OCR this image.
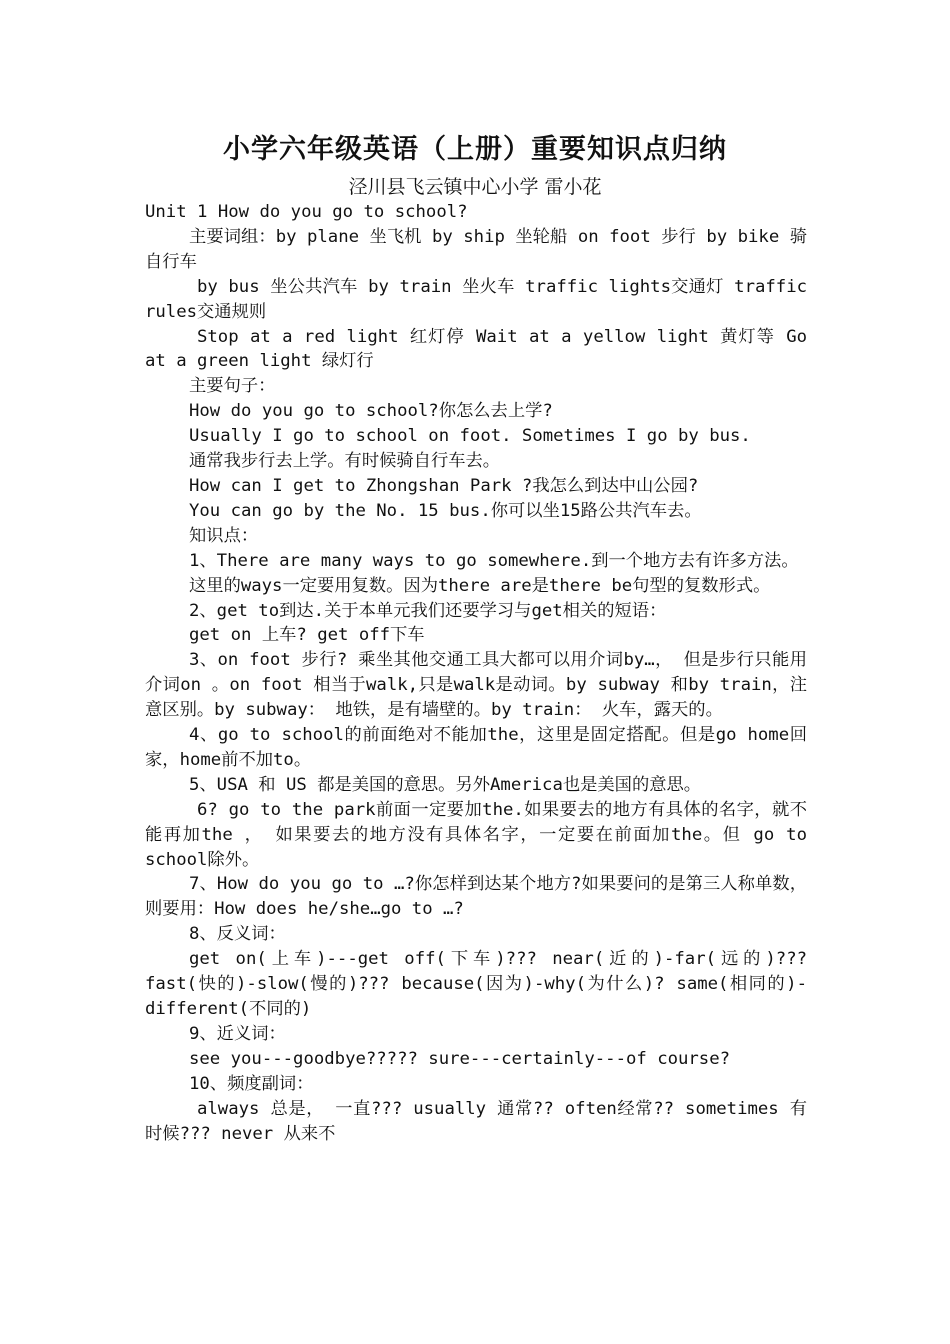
小学六年级英语（上册）重要知识点归纳
泾川县飞云镇中心小学 雷小花

Unit 1 How do you go to school?

主要词组：by plane 坐飞机 by ship 坐轮船 on foot 步行 by bike 骑自行车

by bus 坐公共汽车 by train 坐火车 traffic lights交通灯 traffic rules交通规则

Stop at a red light 红灯停 Wait at a yellow light 黄灯等 Go at a green light 绿灯行

主要句子：

How do you go to school?你怎么去上学?

Usually I go to school on foot. Sometimes I go by bus.

通常我步行去上学。有时候骑自行车去。

How can I get to Zhongshan Park ?我怎么到达中山公园?

You can go by the No. 15 bus.你可以坐15路公共汽车去。

知识点：

1、There are many ways to go somewhere.到一个地方去有许多方法。

这里的ways一定要用复数。因为there are是there be句型的复数形式。

2、get to到达.关于本单元我们还要学习与get相关的短语：

get on 上车? get off下车

3、on foot 步行? 乘坐其他交通工具大都可以用介词by…， 但是步行只能用介词on 。on foot 相当于walk,只是walk是动词。by subway 和by train，注意区别。by subway： 地铁，是有墙壁的。by train： 火车，露天的。

4、go to school的前面绝对不能加the，这里是固定搭配。但是go home回家，home前不加to。

5、USA 和 US 都是美国的意思。另外America也是美国的意思。

6? go to the park前面一定要加the.如果要去的地方有具体的名字，就不能再加the ， 如果要去的地方没有具体名字，一定要在前面加the。但 go to school除外。

7、How do you go to …?你怎样到达某个地方?如果要问的是第三人称单数，则要用：How does he/she…go to …?

8、反义词：

get on(上车)---get off(下车)??? near(近的)-far(远的)??? fast(快的)-slow(慢的)??? because(因为)-why(为什么)? same(相同的)-different(不同的)

9、近义词：

see you---goodbye????? sure---certainly---of course?

10、频度副词：

always 总是， 一直??? usually 通常?? often经常?? sometimes 有时候??? never 从来不
